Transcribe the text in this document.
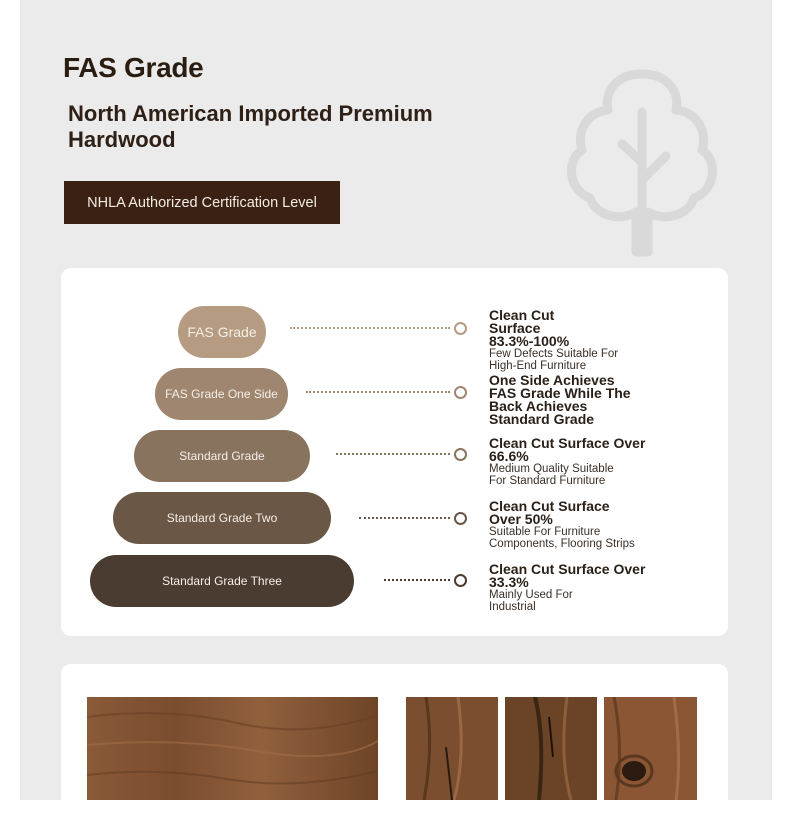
FAS Grade
North American Imported Premium Hardwood
NHLA Authorized Certification Level
FAS Grade
Clean Cut Surface 83.3%-100%
Few Defects Suitable For High-End Furniture
FAS Grade One Side
One Side Achieves FAS Grade While The Back Achieves Standard Grade
Standard Grade
Clean Cut Surface Over 66.6%
Medium Quality Suitable For Standard Furniture
Standard Grade Two
Clean Cut Surface Over 50%
Suitable For Furniture Components, Flooring Strips
Standard Grade Three
Clean Cut Surface Over 33.3%
Mainly Used For Industrial
